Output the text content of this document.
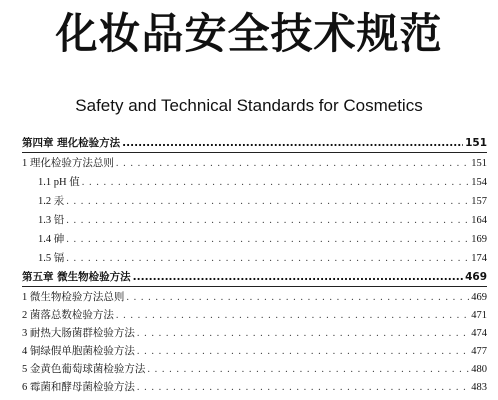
化妆品安全技术规范
Safety and Technical Standards for Cosmetics
第四章 理化检验方法 .....	151
1 理化检验方法总则 . . .	151
1.1 pH 值 . . .	154
1.2 汞 . . .	157
1.3 铅 . . .	164
1.4 砷 . . .	169
1.5 镉 . . .	174
第五章 微生物检验方法 .....	469
1 微生物检验方法总则 . . .	469
2 菌落总数检验方法 . . .	471
3 耐热大肠菌群检验方法 . . .	474
4 铜绿假单胞菌检验方法 . . .	477
5 金黄色葡萄球菌检验方法 . . .	480
6 霉菌和酵母菌检验方法 . . .	483
